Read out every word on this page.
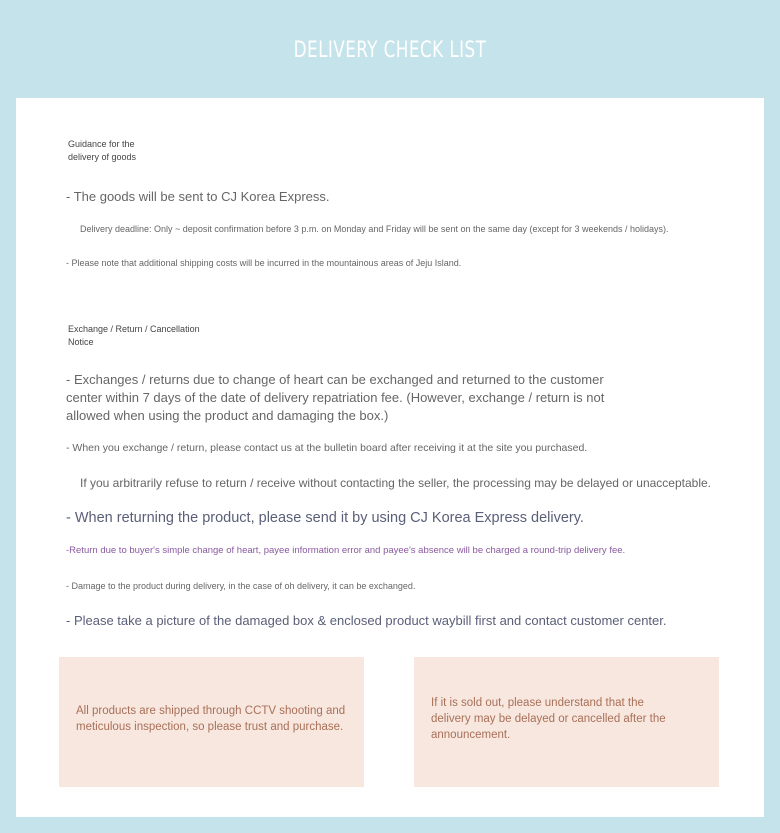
DELIVERY CHECK LIST

Guidance for the delivery of goods

- The goods will be sent to CJ Korea Express.

Delivery deadline: Only ~ deposit confirmation before 3 p.m. on Monday and Friday will be sent on the same day (except for 3 weekends / holidays).

- Please note that additional shipping costs will be incurred in the mountainous areas of Jeju Island.

Exchange / Return / Cancellation Notice

- Exchanges / returns due to change of heart can be exchanged and returned to the customer center within 7 days of the date of delivery repatriation fee. (However, exchange / return is not allowed when using the product and damaging the box.)

- When you exchange / return, please contact us at the bulletin board after receiving it at the site you purchased.

If you arbitrarily refuse to return / receive without contacting the seller, the processing may be delayed or unacceptable.

- When returning the product, please send it by using CJ Korea Express delivery.

-Return due to buyer's simple change of heart, payee information error and payee's absence will be charged a round-trip delivery fee.

- Damage to the product during delivery, in the case of oh delivery, it can be exchanged.

- Please take a picture of the damaged box & enclosed product waybill first and contact customer center.

All products are shipped through CCTV shooting and meticulous inspection, so please trust and purchase.

If it is sold out, please understand that the delivery may be delayed or cancelled after the announcement.
